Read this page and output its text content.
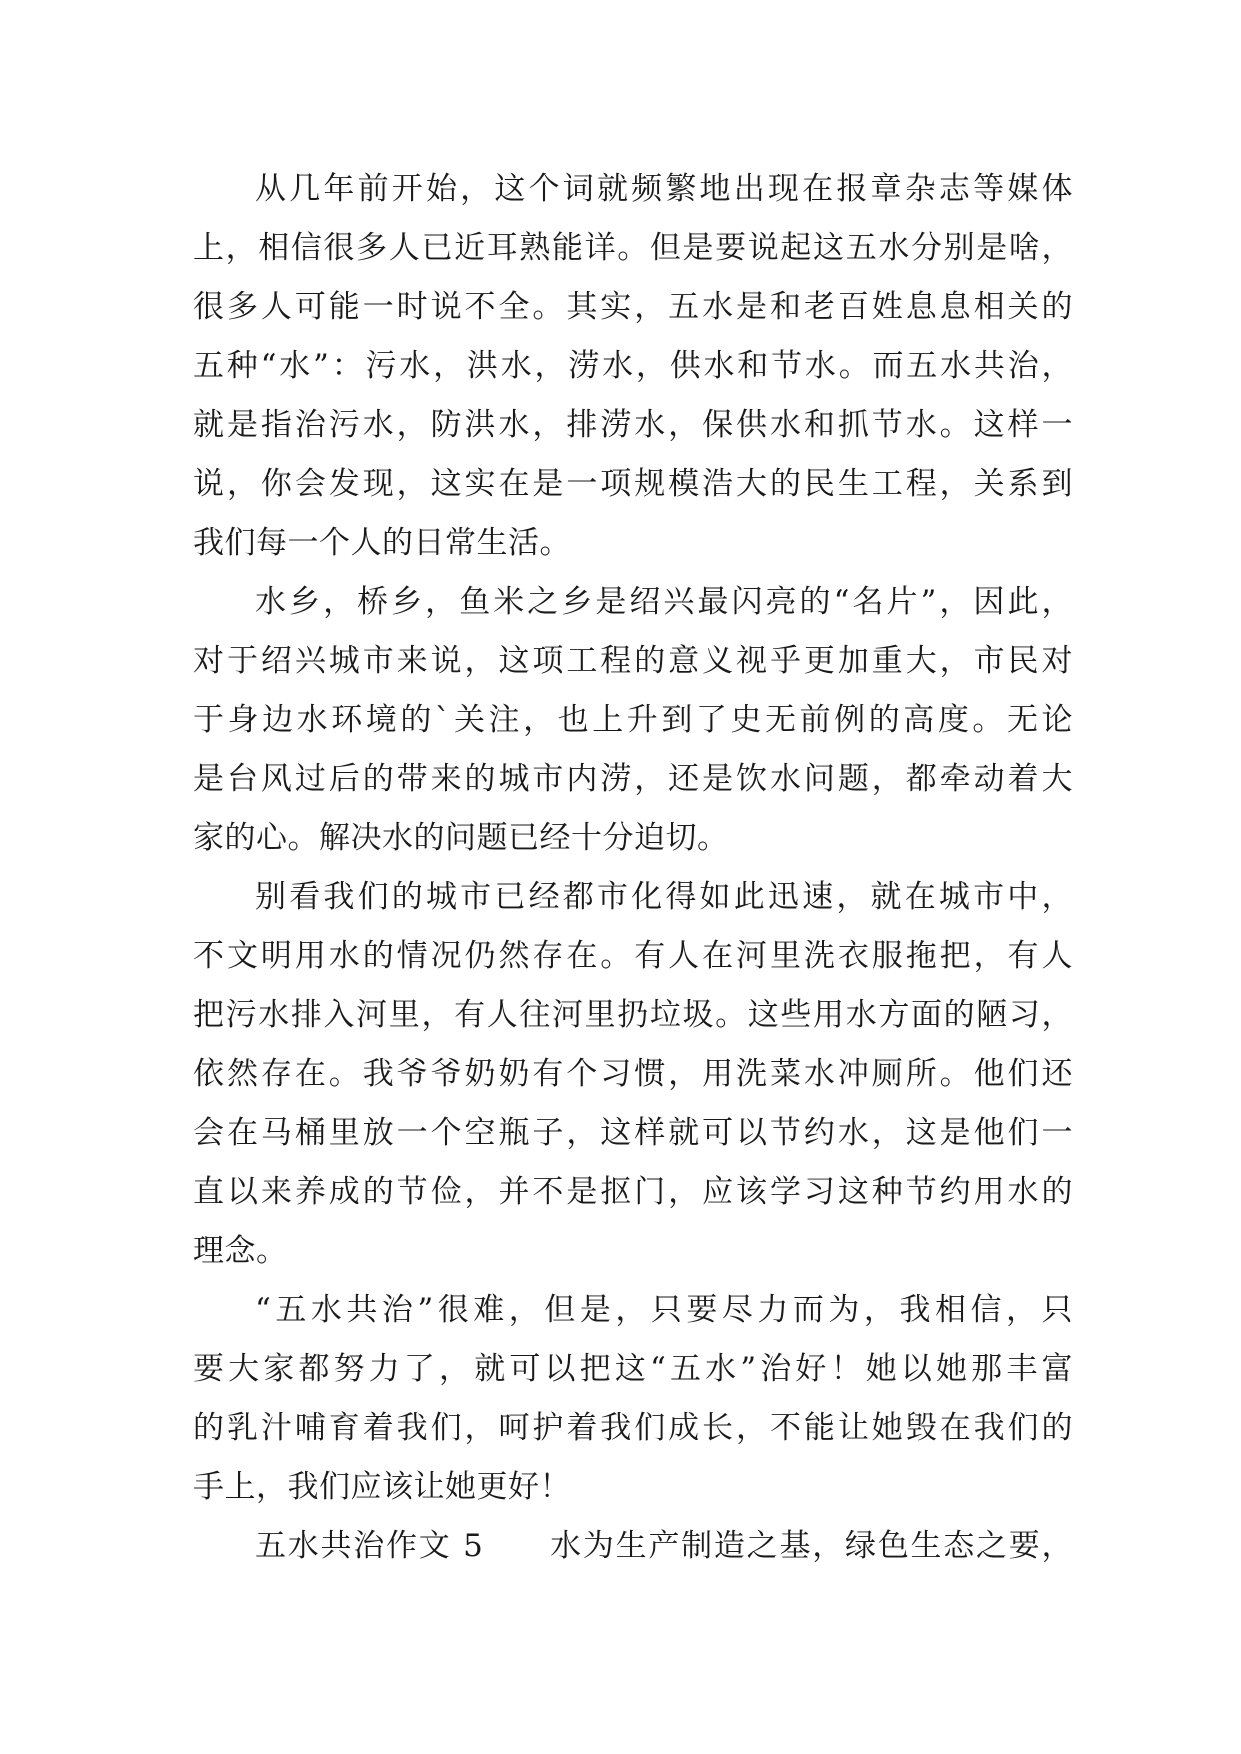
从几年前开始，这个词就频繁地出现在报章杂志等媒体
上，相信很多人已近耳熟能详。但是要说起这五水分别是啥，
很多人可能一时说不全。其实，五水是和老百姓息息相关的
五种“水”：污水，洪水，涝水，供水和节水。而五水共治，
就是指治污水，防洪水，排涝水，保供水和抓节水。这样一
说，你会发现，这实在是一项规模浩大的民生工程，关系到
我们每一个人的日常生活。
水乡，桥乡，鱼米之乡是绍兴最闪亮的“名片”，因此，
对于绍兴城市来说，这项工程的意义视乎更加重大，市民对
于身边水环境的`关注，也上升到了史无前例的高度。无论
是台风过后的带来的城市内涝，还是饮水问题，都牵动着大
家的心。解决水的问题已经十分迫切。
别看我们的城市已经都市化得如此迅速，就在城市中，
不文明用水的情况仍然存在。有人在河里洗衣服拖把，有人
把污水排入河里，有人往河里扔垃圾。这些用水方面的陋习，
依然存在。我爷爷奶奶有个习惯，用洗菜水冲厕所。他们还
会在马桶里放一个空瓶子，这样就可以节约水，这是他们一
直以来养成的节俭，并不是抠门，应该学习这种节约用水的
理念。
“五水共治”很难，但是，只要尽力而为，我相信，只
要大家都努力了，就可以把这“五水”治好！她以她那丰富
的乳汁哺育着我们，呵护着我们成长，不能让她毁在我们的
手上，我们应该让她更好！
五水共治作文 5　　水为生产制造之基，绿色生态之要，
